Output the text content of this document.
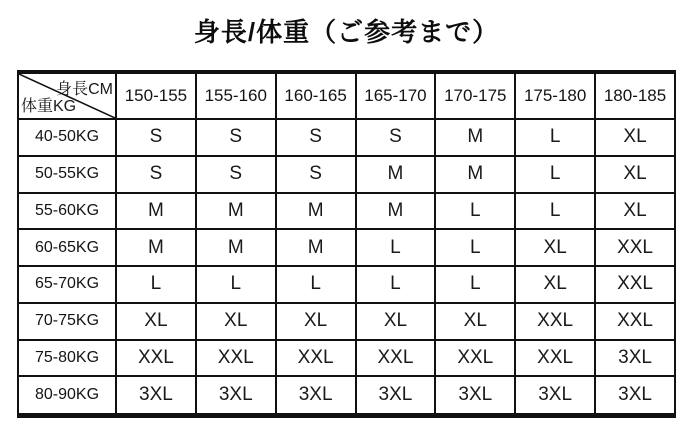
身長/体重（ご参考まで）
身長CM
体重KG	150-155	155-160	160-165	165-170	170-175	175-180	180-185
40-50KG	S	S	S	S	M	L	XL
50-55KG	S	S	S	M	M	L	XL
55-60KG	M	M	M	M	L	L	XL
60-65KG	M	M	M	L	L	XL	XXL
65-70KG	L	L	L	L	L	XL	XXL
70-75KG	XL	XL	XL	XL	XL	XXL	XXL
75-80KG	XXL	XXL	XXL	XXL	XXL	XXL	3XL
80-90KG	3XL	3XL	3XL	3XL	3XL	3XL	3XL
